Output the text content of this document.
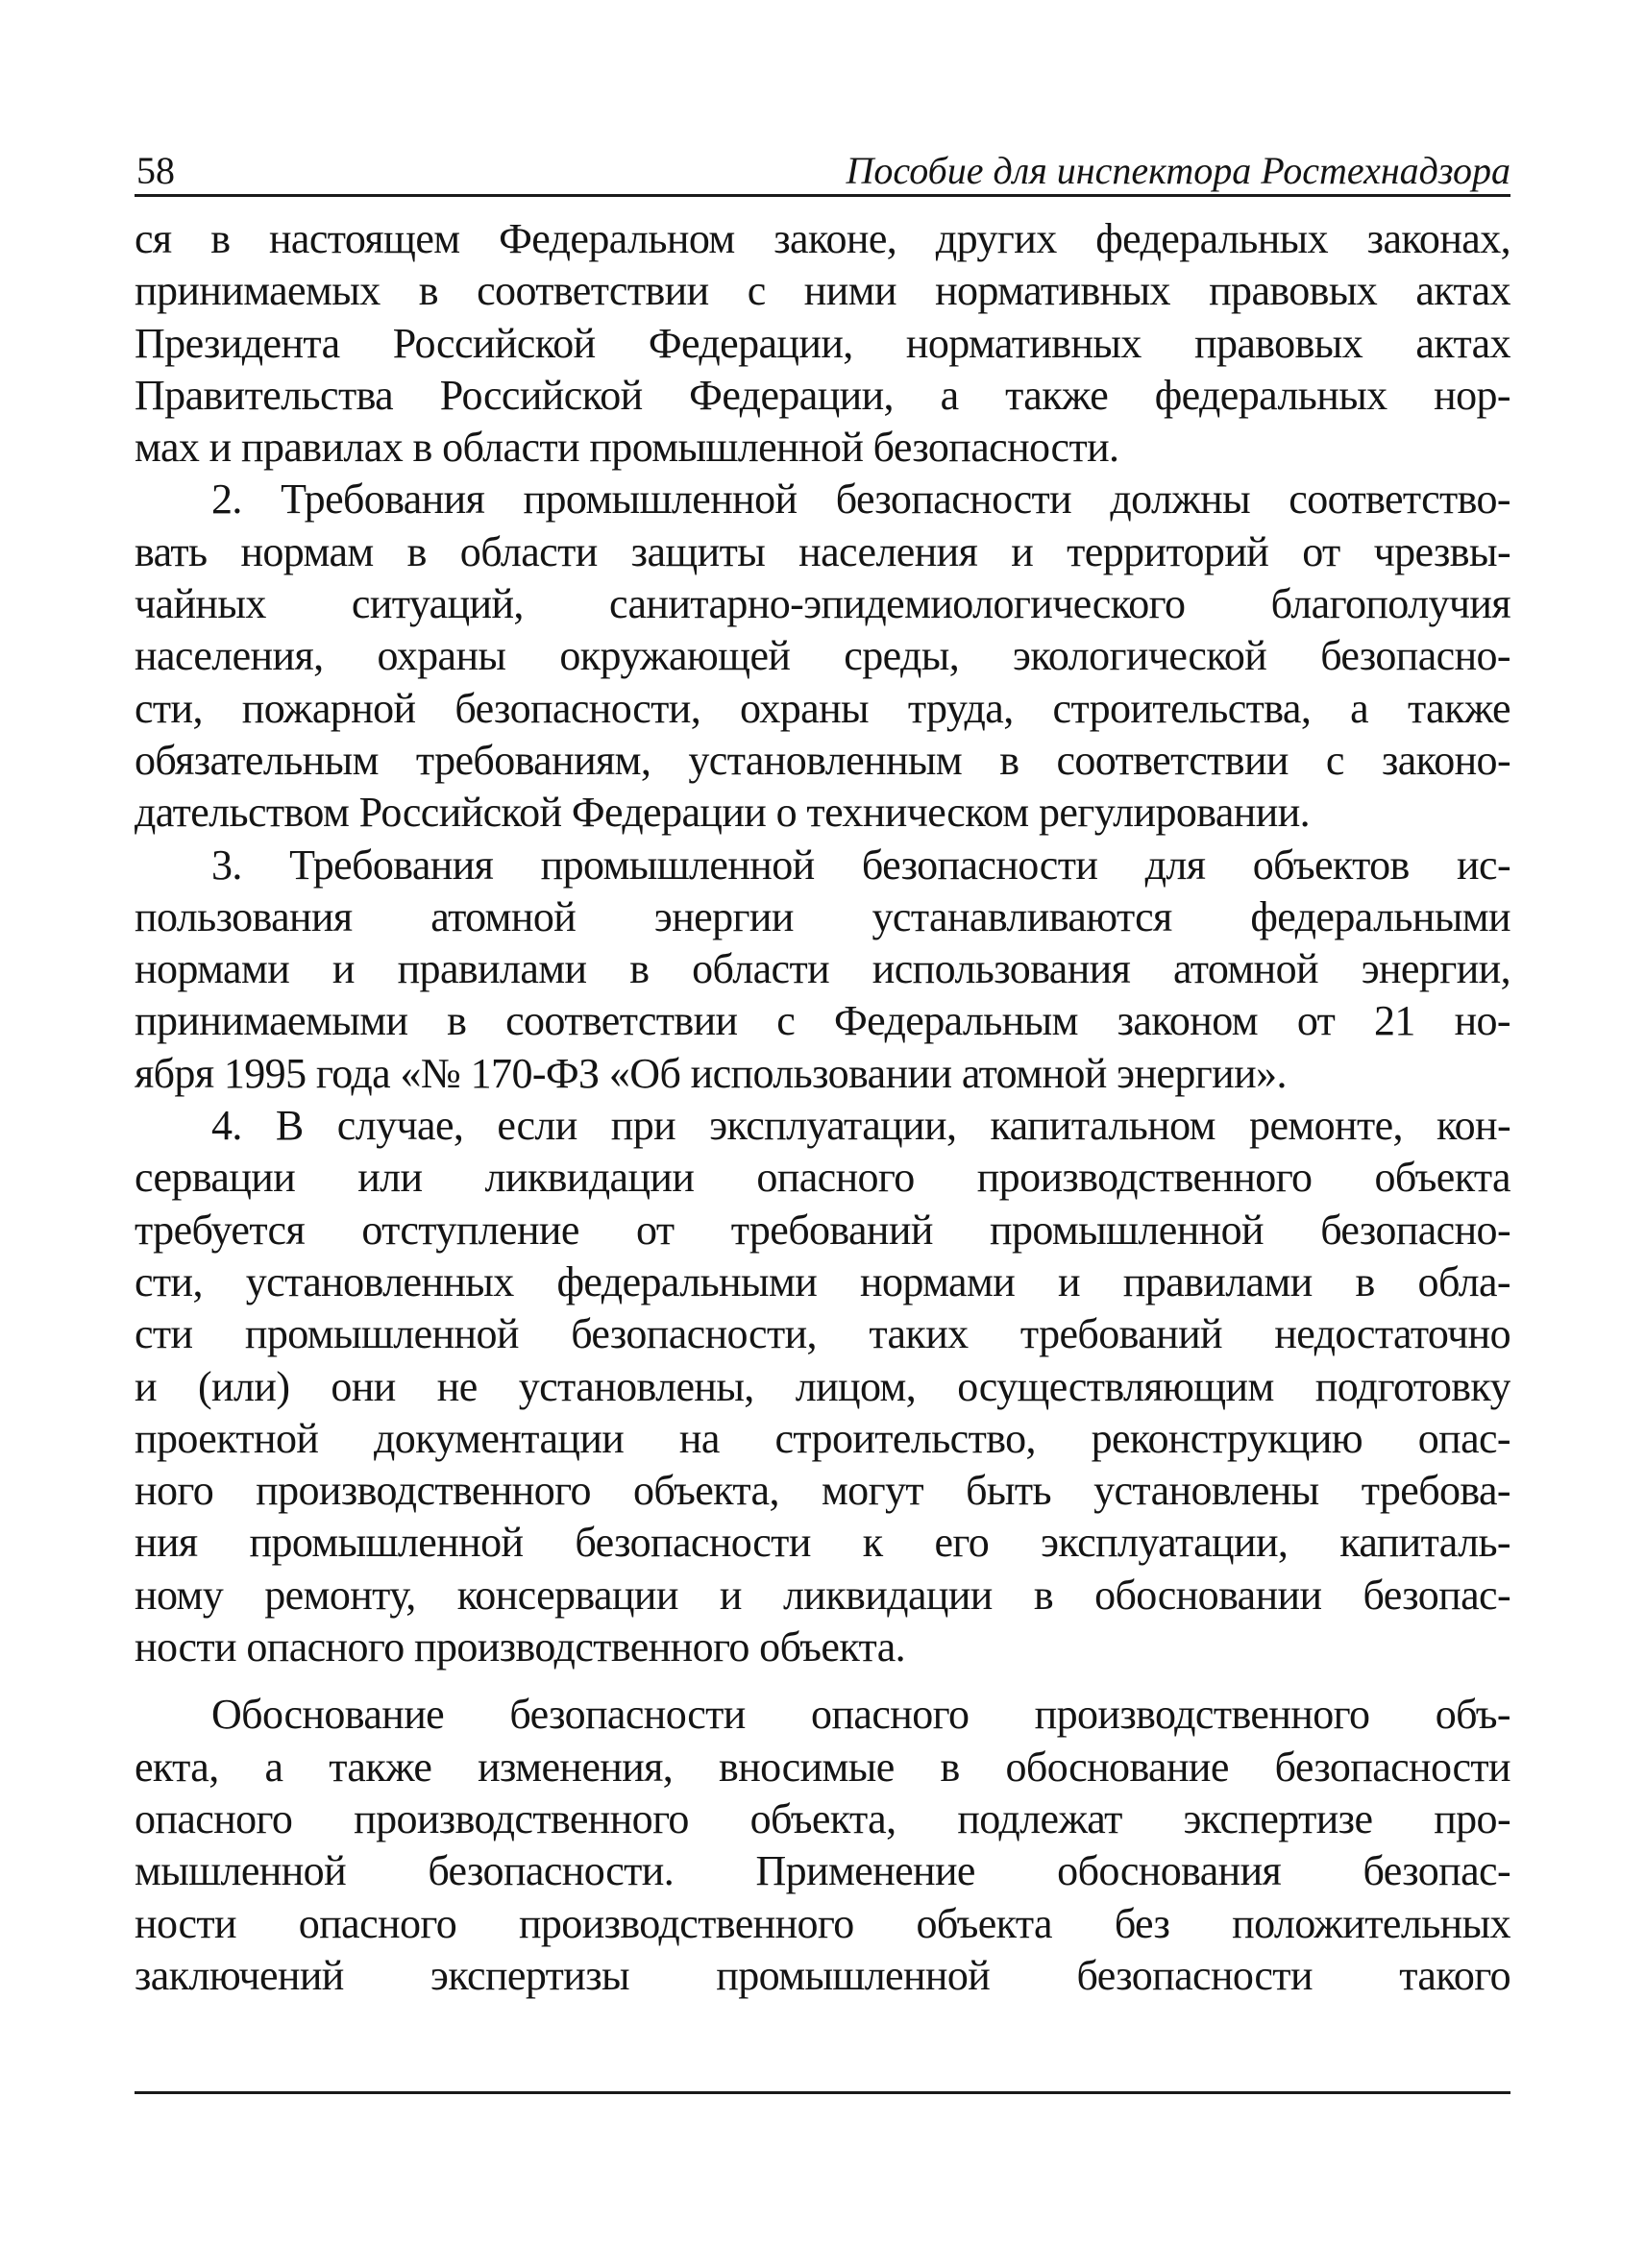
58	Пособие для инспектора Ростехнадзора
ся в настоящем Федеральном законе, других федеральных законах,
принимаемых в соответствии с ними нормативных правовых актах
Президента Российской Федерации, нормативных правовых актах
Правительства Российской Федерации, а также федеральных нор-
мах и правилах в области промышленной безопасности.
2. Требования промышленной безопасности должны соответство-
вать нормам в области защиты населения и территорий от чрезвы-
чайных ситуаций, санитарно-эпидемиологического благополучия
населения, охраны окружающей среды, экологической безопасно-
сти, пожарной безопасности, охраны труда, строительства, а также
обязательным требованиям, установленным в соответствии с законо-
дательством Российской Федерации о техническом регулировании.
3. Требования промышленной безопасности для объектов ис-
пользования атомной энергии устанавливаются федеральными
нормами и правилами в области использования атомной энергии,
принимаемыми в соответствии с Федеральным законом от 21 но-
ября 1995 года «№ 170-ФЗ «Об использовании атомной энергии».
4. В случае, если при эксплуатации, капитальном ремонте, кон-
сервации или ликвидации опасного производственного объекта
требуется отступление от требований промышленной безопасно-
сти, установленных федеральными нормами и правилами в обла-
сти промышленной безопасности, таких требований недостаточно
и (или) они не установлены, лицом, осуществляющим подготовку
проектной документации на строительство, реконструкцию опас-
ного производственного объекта, могут быть установлены требова-
ния промышленной безопасности к его эксплуатации, капиталь-
ному ремонту, консервации и ликвидации в обосновании безопас-
ности опасного производственного объекта.
Обоснование безопасности опасного производственного объ-
екта, а также изменения, вносимые в обоснование безопасности
опасного производственного объекта, подлежат экспертизе про-
мышленной безопасности. Применение обоснования безопас-
ности опасного производственного объекта без положительных
заключений экспертизы промышленной безопасности такого
